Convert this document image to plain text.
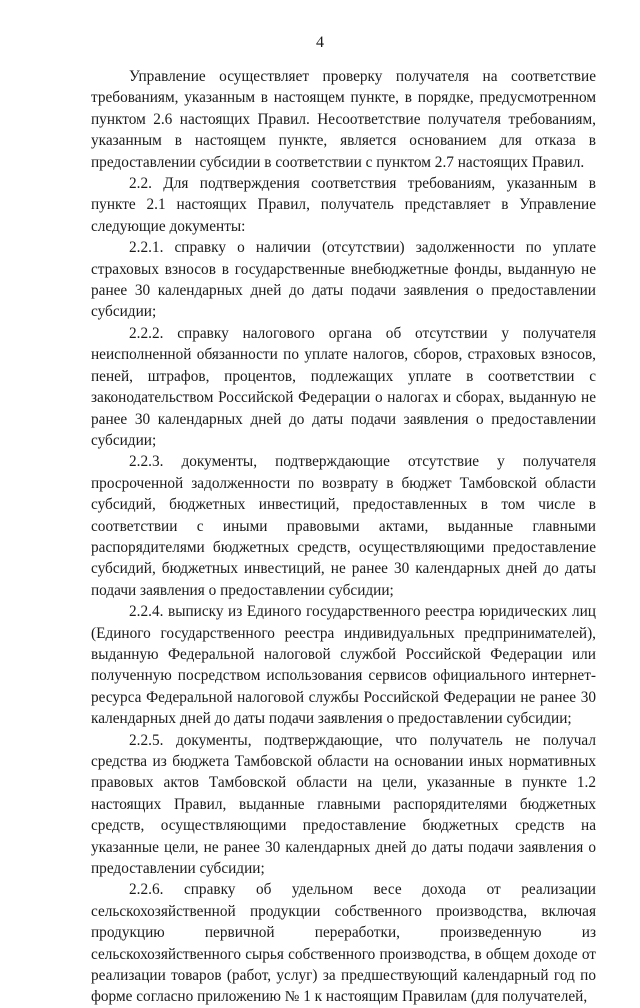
4

Управление осуществляет проверку получателя на соответствие требованиям, указанным в настоящем пункте, в порядке, предусмотренном пунктом 2.6 настоящих Правил. Несоответствие получателя требованиям, указанным в настоящем пункте, является основанием для отказа в предоставлении субсидии в соответствии с пунктом 2.7 настоящих Правил.

2.2. Для подтверждения соответствия требованиям, указанным в пункте 2.1 настоящих Правил, получатель представляет в Управление следующие документы:

2.2.1. справку о наличии (отсутствии) задолженности по уплате страховых взносов в государственные внебюджетные фонды, выданную не ранее 30 календарных дней до даты подачи заявления о предоставлении субсидии;

2.2.2. справку налогового органа об отсутствии у получателя неисполненной обязанности по уплате налогов, сборов, страховых взносов, пеней, штрафов, процентов, подлежащих уплате в соответствии с законодательством Российской Федерации о налогах и сборах, выданную не ранее 30 календарных дней до даты подачи заявления о предоставлении субсидии;

2.2.3. документы, подтверждающие отсутствие у получателя просроченной задолженности по возврату в бюджет Тамбовской области субсидий, бюджетных инвестиций, предоставленных в том числе в соответствии с иными правовыми актами, выданные главными распорядителями бюджетных средств, осуществляющими предоставление субсидий, бюджетных инвестиций, не ранее 30 календарных дней до даты подачи заявления о предоставлении субсидии;

2.2.4. выписку из Единого государственного реестра юридических лиц (Единого государственного реестра индивидуальных предпринимателей), выданную Федеральной налоговой службой Российской Федерации или полученную посредством использования сервисов официального интернет-ресурса Федеральной налоговой службы Российской Федерации не ранее 30 календарных дней до даты подачи заявления о предоставлении субсидии;

2.2.5. документы, подтверждающие, что получатель не получал средства из бюджета Тамбовской области на основании иных нормативных правовых актов Тамбовской области на цели, указанные в пункте 1.2 настоящих Правил, выданные главными распорядителями бюджетных средств, осуществляющими предоставление бюджетных средств на указанные цели, не ранее 30 календарных дней до даты подачи заявления о предоставлении субсидии;

2.2.6. справку об удельном весе дохода от реализации сельскохозяйственной продукции собственного производства, включая продукцию первичной переработки, произведенную из сельскохозяйственного сырья собственного производства, в общем доходе от реализации товаров (работ, услуг) за предшествующий календарный год по форме согласно приложению № 1 к настоящим Правилам (для получателей,
